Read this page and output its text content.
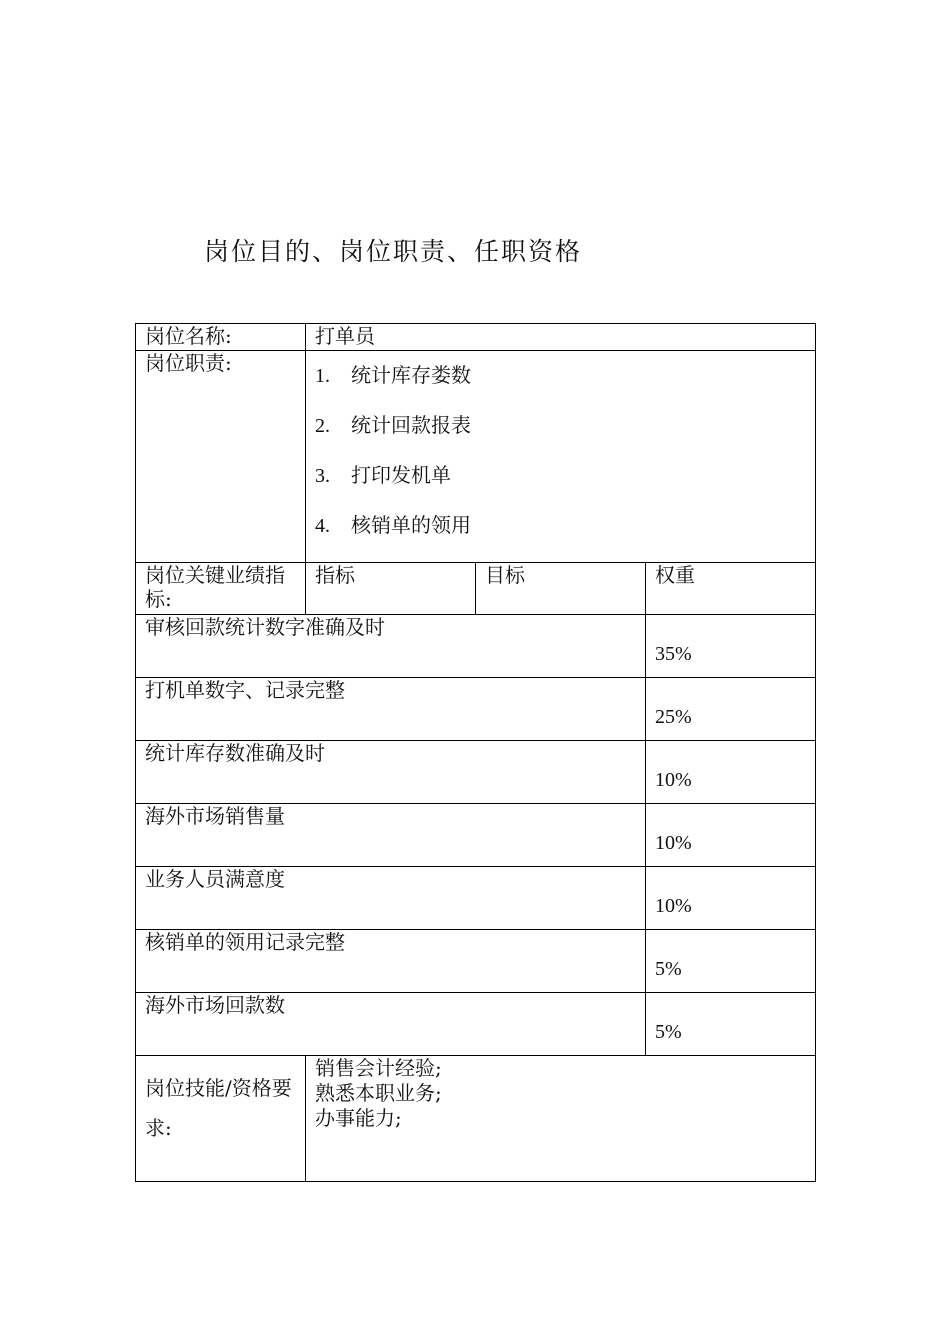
岗位目的、岗位职责、任职资格
岗位名称:	打单员		
岗位职责:	1. 统计库存娄数
2. 统计回款报表
3. 打印发机单
4. 核销单的领用		

岗位关键业绩指标:	指标	目标	权重
审核回款统计数字准确及时			35%
打机单数字、记录完整			25%
统计库存数准确及时			10%
海外市场销售量			10%
业务人员满意度			10%
核销单的领用记录完整			5%
海外市场回款数			5%

岗位技能/资格要求:	销售会计经验;
熟悉本职业务;
办事能力;		
